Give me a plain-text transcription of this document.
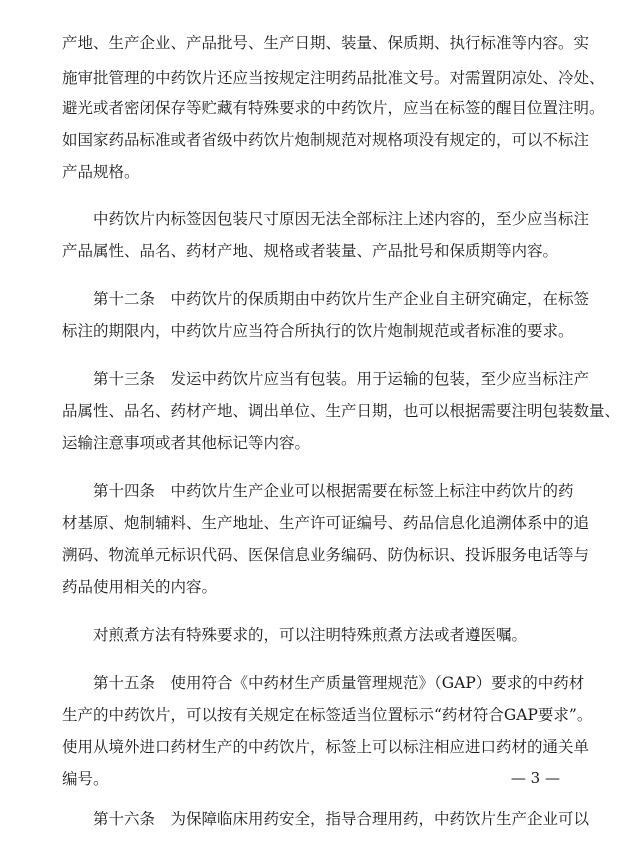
产地、生产企业、产品批号、生产日期、装量、保质期、执行标准等内容。实
施审批管理的中药饮片还应当按规定注明药品批准文号。对需置阴凉处、冷处、
避光或者密闭保存等贮藏有特殊要求的中药饮片，应当在标签的醒目位置注明。
如国家药品标准或者省级中药饮片炮制规范对规格项没有规定的，可以不标注
产品规格。
中药饮片内标签因包装尺寸原因无法全部标注上述内容的，至少应当标注
产品属性、品名、药材产地、规格或者装量、产品批号和保质期等内容。
第十二条　中药饮片的保质期由中药饮片生产企业自主研究确定，在标签
标注的期限内，中药饮片应当符合所执行的饮片炮制规范或者标准的要求。
第十三条　发运中药饮片应当有包装。用于运输的包装，至少应当标注产
品属性、品名、药材产地、调出单位、生产日期，也可以根据需要注明包装数量、
运输注意事项或者其他标记等内容。
第十四条　中药饮片生产企业可以根据需要在标签上标注中药饮片的药
材基原、炮制辅料、生产地址、生产许可证编号、药品信息化追溯体系中的追
溯码、物流单元标识代码、医保信息业务编码、防伪标识、投诉服务电话等与
药品使用相关的内容。
对煎煮方法有特殊要求的，可以注明特殊煎煮方法或者遵医嘱。
第十五条　使用符合《中药材生产质量管理规范》（GAP）要求的中药材
生产的中药饮片，可以按有关规定在标签适当位置标示“药材符合GAP要求”。
使用从境外进口药材生产的中药饮片，标签上可以标注相应进口药材的通关单
编号。
第十六条　为保障临床用药安全，指导合理用药，中药饮片生产企业可以
— 3 —
